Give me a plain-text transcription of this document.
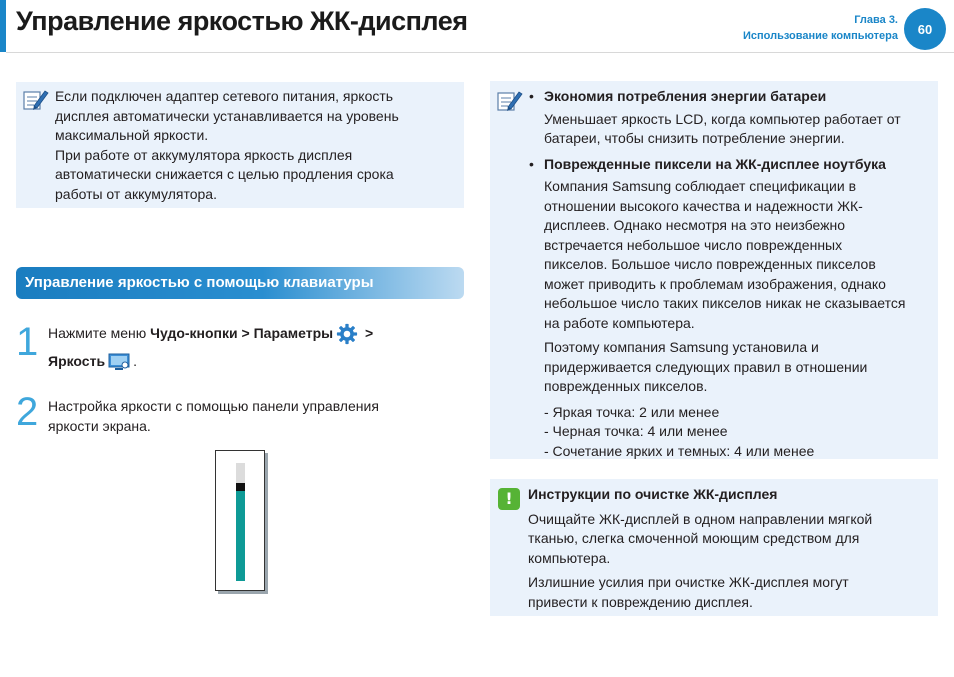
Управление яркостью ЖК-дисплея	Глава 3.
Использование компьютера	60

Если подключен адаптер сетевого питания, яркость

дисплея автоматически устанавливается на уровень

максимальной яркости.

При работе от аккумулятора яркость дисплея

автоматически снижается с целью продления срока

работы от аккумулятора.

Управление яркостью с помощью клавиатуры
1 Нажмите меню Чудо-кнопки > Параметры >
Яркость .
2 Настройка яркости с помощью панели управления

яркости экрана.

• Экономия потребления энергии батареи

Уменьшает яркость LCD, когда компьютер работает от

батареи, чтобы снизить потребление энергии.

• Поврежденные пиксели на ЖК-дисплее ноутбука

Компания Samsung соблюдает спецификации в

отношении высокого качества и надежности ЖК-

дисплеев. Однако несмотря на это неизбежно

встречается небольшое число поврежденных

пикселов. Большое число поврежденных пикселов

может приводить к проблемам изображения, однако

небольшое число таких пикселов никак не сказывается

на работе компьютера.

Поэтому компания Samsung установила и

придерживается следующих правил в отношении

поврежденных пикселов.

- Яркая точка: 2 или менее

- Черная точка: 4 или менее

- Сочетание ярких и темных: 4 или менее

!	Инструкции по очистке ЖК-дисплея

Очищайте ЖК-дисплей в одном направлении мягкой

тканью, слегка смоченной моющим средством для

компьютера.

Излишние усилия при очистке ЖК-дисплея могут

привести к повреждению дисплея.
